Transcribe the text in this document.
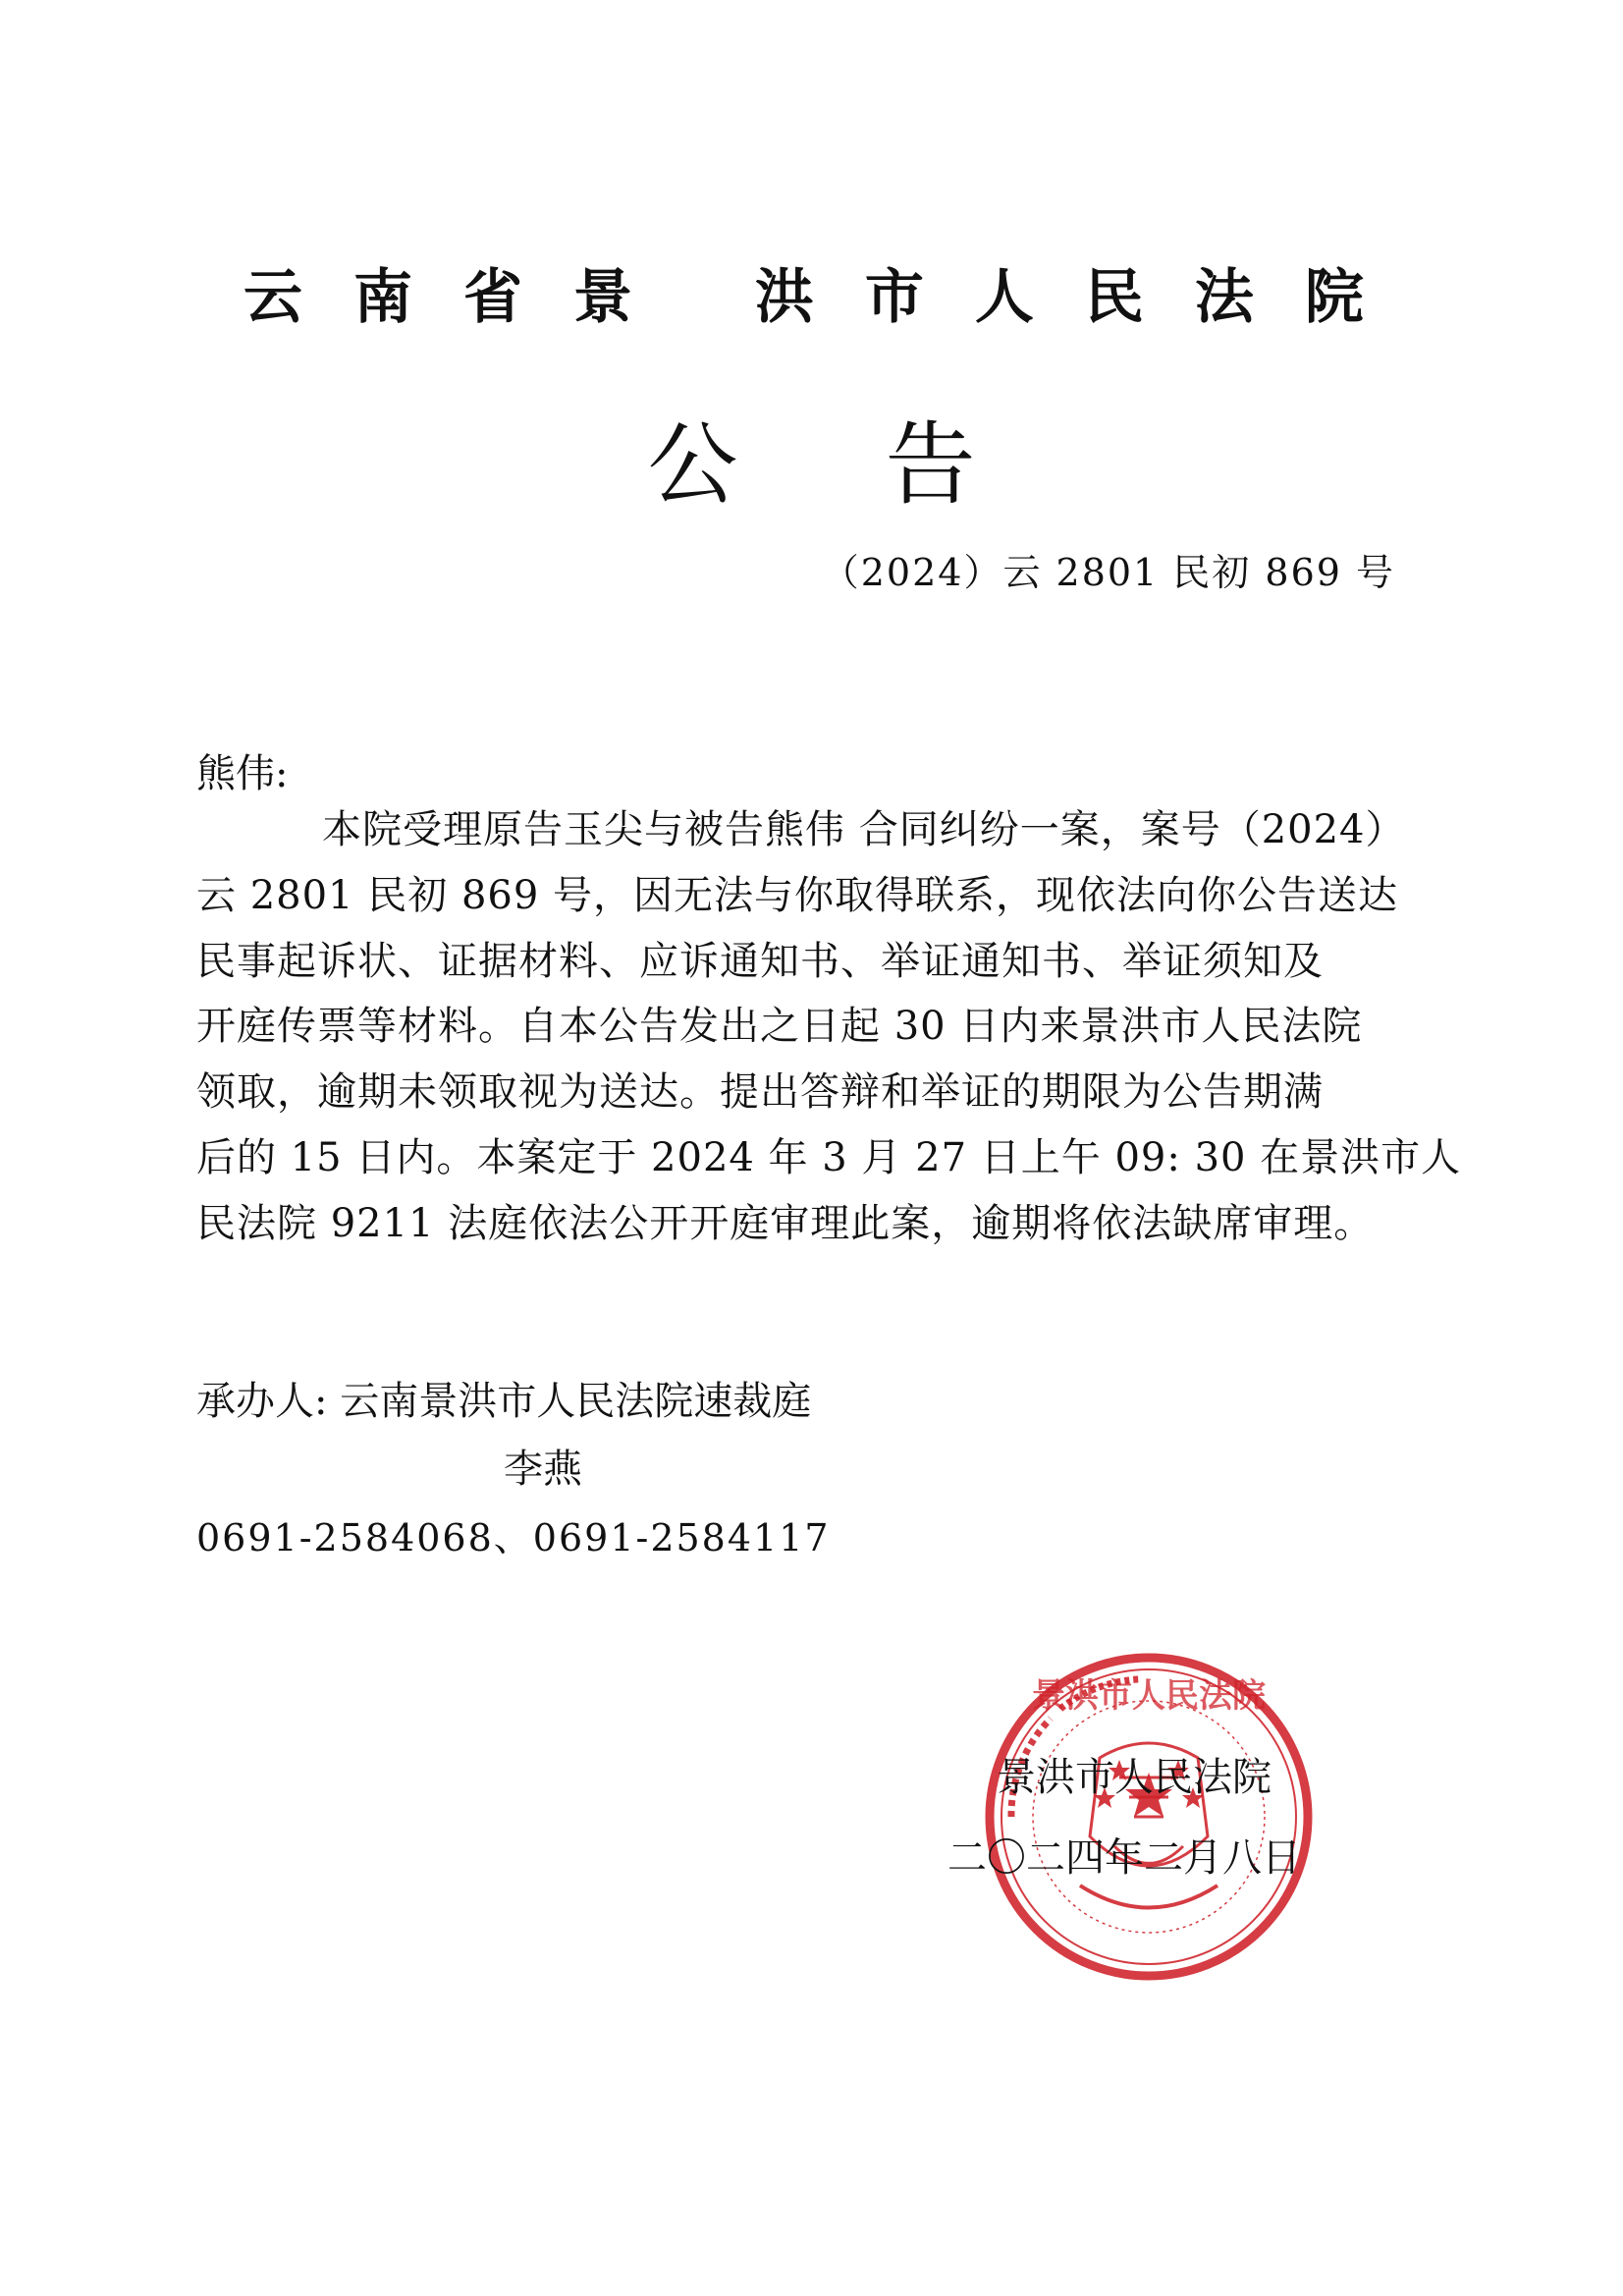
云南省景 洪市人民法院
公告
（2024）云 2801 民初 869 号
熊伟:
本院受理原告玉尖与被告熊伟 合同纠纷一案，案号（2024）
云 2801 民初 869 号，因无法与你取得联系，现依法向你公告送达
民事起诉状、证据材料、应诉通知书、举证通知书、举证须知及
开庭传票等材料。自本公告发出之日起 30 日内来景洪市人民法院
领取，逾期未领取视为送达。提出答辩和举证的期限为公告期满
后的 15 日内。本案定于 2024 年 3 月 27 日上午 09: 30 在景洪市人
民法院 9211 法庭依法公开开庭审理此案，逾期将依法缺席审理。
承办人: 云南景洪市人民法院速裁庭
李燕
0691-2584068、0691-2584117
景洪市人民法院
景洪市人民法院
二〇二四年二月八日
